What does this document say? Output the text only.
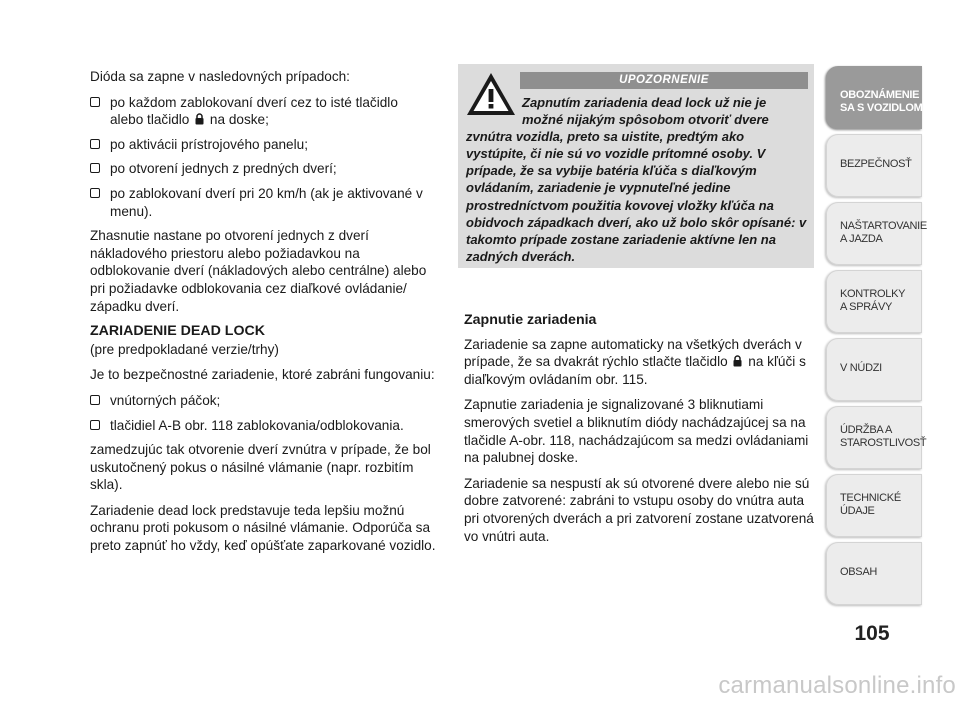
Dióda sa zapne v nasledovných prípadoch:

po každom zablokovaní dverí cez to isté tlačidlo
alebo tlačidlo na doske;
po aktivácii prístrojového panelu;
po otvorení jednych z predných dverí;
po zablokovaní dverí pri 20 km/h (ak je aktivované v menu).

Zhasnutie nastane po otvorení jednych z dverí nákladového priestoru alebo požiadavkou na odblokovanie dverí (nákladových alebo centrálne) alebo pri požiadavke odblokovania cez diaľkové ovládanie/ západku dverí.

ZARIADENIE DEAD LOCK

(pre predpokladané verzie/trhy)

Je to bezpečnostné zariadenie, ktoré zabráni fungovaniu:

vnútorných páčok;
tlačidiel A-B obr. 118 zablokovania/odblokovania.

zamedzujúc tak otvorenie dverí zvnútra v prípade, že bol uskutočnený pokus o násilné vlámanie (napr. rozbitím skla).

Zariadenie dead lock predstavuje teda lepšiu možnú ochranu proti pokusom o násilné vlámanie. Odporúča sa preto zapnúť ho vždy, keď opúšťate zaparkované vozidlo.

UPOZORNENIE
Zapnutím zariadenia dead lock už nie je
možné nijakým spôsobom otvoriť dvere
zvnútra vozidla, preto sa uistite, predtým ako vystúpite, či nie sú vo vozidle prítomné osoby. V prípade, že sa vybije batéria kľúča s diaľkovým ovládaním, zariadenie je vypnuteľné jedine prostredníctvom použitia kovovej vložky kľúča na obidvoch západkach dverí, ako už bolo skôr opísané: v takomto prípade zostane zariadenie aktívne len na zadných dverách.
Zapnutie zariadenia

Zariadenie sa zapne automaticky na všetkých dverách v prípade, že sa dvakrát rýchlo stlačte tlačidlo na kľúči s diaľkovým ovládaním obr. 115.

Zapnutie zariadenia je signalizované 3 bliknutiami smerových svetiel a bliknutím diódy nachádzajúcej sa na tlačidle A-obr. 118, nachádzajúcom sa medzi ovládaniami na palubnej doske.

Zariadenie sa nespustí ak sú otvorené dvere alebo nie sú dobre zatvorené: zabráni to vstupu osoby do vnútra auta pri otvorených dverách a pri zatvorení zostane uzatvorená vo vnútri auta.

OBOZNÁMENIE
SA S VOZIDLOM
BEZPEČNOSŤ
NAŠTARTOVANIE
A JAZDA
KONTROLKY
A SPRÁVY
V NÚDZI
ÚDRŽBA A
STAROSTLIVOSŤ
TECHNICKÉ
ÚDAJE
OBSAH
105
carmanualsonline.info
